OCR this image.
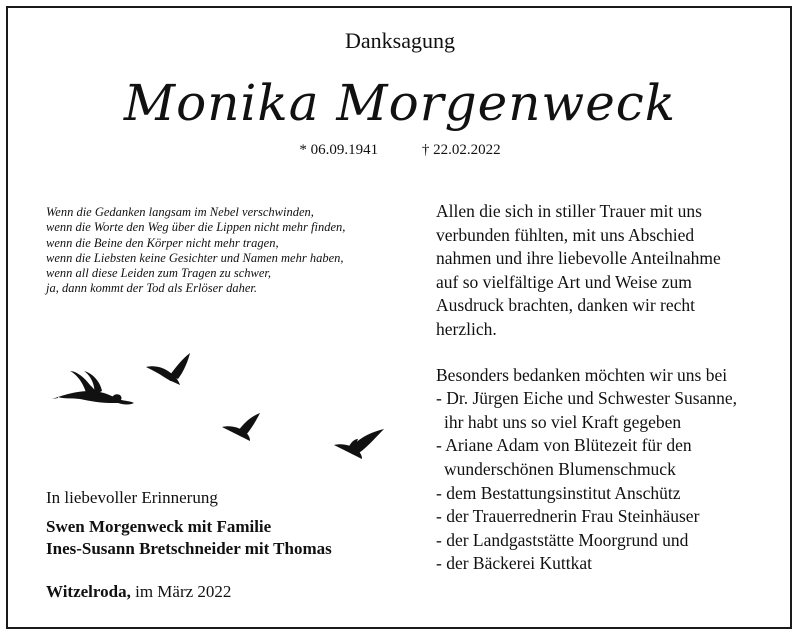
Danksagung
Monika Morgenweck
* 06.09.1941	† 22.02.2022
Wenn die Gedanken langsam im Nebel verschwinden,
wenn die Worte den Weg über die Lippen nicht mehr finden,
wenn die Beine den Körper nicht mehr tragen,
wenn die Liebsten keine Gesichter und Namen mehr haben,
wenn all diese Leiden zum Tragen zu schwer,
ja, dann kommt der Tod als Erlöser daher.
Allen die sich in stiller Trauer mit uns
verbunden fühlten, mit uns Abschied
nahmen und ihre liebevolle Anteilnahme
auf so vielfältige Art und Weise zum
Ausdruck brachten, danken wir recht
herzlich.
Besonders bedanken möchten wir uns bei
- Dr. Jürgen Eiche und Schwester Susanne,
ihr habt uns so viel Kraft gegeben
- Ariane Adam von Blütezeit für den
wunderschönen Blumenschmuck
- dem Bestattungsinstitut Anschütz
- der Trauerrednerin Frau Steinhäuser
- der Landgaststätte Moorgrund und
- der Bäckerei Kuttkat
In liebevoller Erinnerung
Swen Morgenweck mit Familie
Ines-Susann Bretschneider mit Thomas
Witzelroda, im März 2022
